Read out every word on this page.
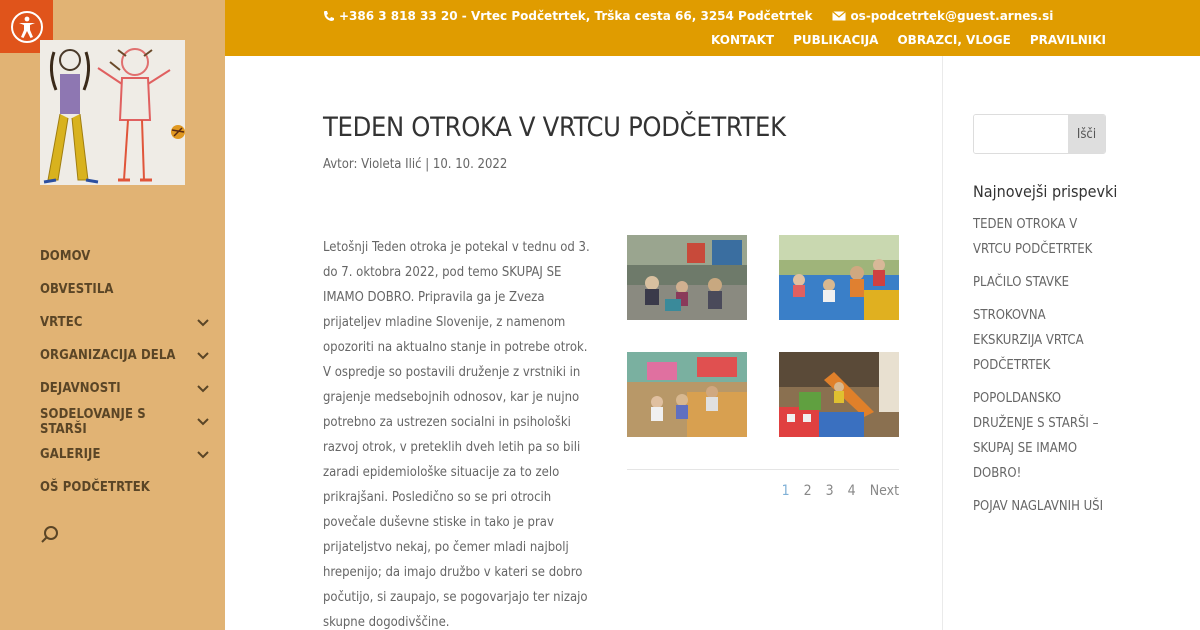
DOMOV
OBVESTILA
VRTEC
ORGANIZACIJA DELA
DEJAVNOSTI
SODELOVANJE S STARŠI
GALERIJE
OŠ PODČETRTEK
+386 3 818 33 20 - Vrtec Podčetrtek, Trška cesta 66, 3254 Podčetrtek	os-podcetrtek@guest.arnes.si
KONTAKT PUBLIKACIJA OBRAZCI, VLOGE PRAVILNIKI
TEDEN OTROKA V VRTCU PODČETRTEK
Avtor: Violeta Ilić | 10. 10. 2022

Letošnji Teden otroka je potekal v tednu od 3. do 7. oktobra 2022, pod temo SKUPAJ SE IMAMO DOBRO. Pripravila ga je Zveza prijateljev mladine Slovenije, z namenom opozoriti na aktualno stanje in potrebe otrok.

V ospredje so postavili druženje z vrstniki in grajenje medsebojnih odnosov, kar je nujno potrebno za ustrezen socialni in psihološki razvoj otrok, v preteklih dveh letih pa so bili zaradi epidemiološke situacije za to zelo prikrajšani. Posledično so se pri otrocih povečale duševne stiske in tako je prav prijateljstvo nekaj, po čemer mladi najbolj hrepenijo; da imajo družbo v kateri se dobro počutijo, si zaupajo, se pogovarjajo ter nizajo skupne dogodivščine.

1 2 3 4 Next
Išči
Najnovejši prispevki
TEDEN OTROKA V VRTCU PODČETRTEK
PLAČILO STAVKE
STROKOVNA EKSKURZIJA VRTCA PODČETRTEK
POPOLDANSKO DRUŽENJE S STARŠI – SKUPAJ SE IMAMO DOBRO!
POJAV NAGLAVNIH UŠI
